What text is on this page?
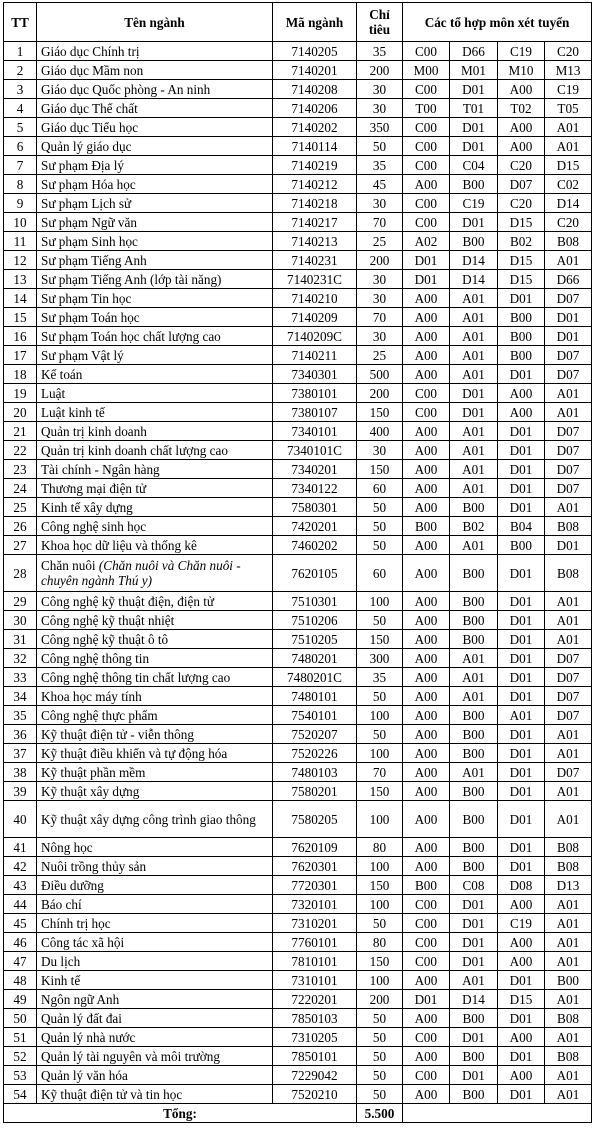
TT	Tên ngành	Mã ngành	Chỉ
tiêu	Các tổ hợp môn xét tuyển			
1	Giáo dục Chính trị	7140205	35	C00	D66	C19	C20
2	Giáo dục Mầm non	7140201	200	M00	M01	M10	M13
3	Giáo dục Quốc phòng - An ninh	7140208	30	C00	D01	A00	C19
4	Giáo dục Thể chất	7140206	30	T00	T01	T02	T05
5	Giáo dục Tiểu học	7140202	350	C00	D01	A00	A01
6	Quản lý giáo dục	7140114	50	C00	D01	A00	A01
7	Sư phạm Địa lý	7140219	35	C00	C04	C20	D15
8	Sư phạm Hóa học	7140212	45	A00	B00	D07	C02
9	Sư phạm Lịch sử	7140218	30	C00	C19	C20	D14
10	Sư phạm Ngữ văn	7140217	70	C00	D01	D15	C20
11	Sư phạm Sinh học	7140213	25	A02	B00	B02	B08
12	Sư phạm Tiếng Anh	7140231	200	D01	D14	D15	A01
13	Sư phạm Tiếng Anh (lớp tài năng)	7140231C	30	D01	D14	D15	D66
14	Sư phạm Tin học	7140210	30	A00	A01	D01	D07
15	Sư phạm Toán học	7140209	70	A00	A01	B00	D01
16	Sư phạm Toán học chất lượng cao	7140209C	30	A00	A01	B00	D01
17	Sư phạm Vật lý	7140211	25	A00	A01	B00	D07
18	Kế toán	7340301	500	A00	A01	D01	D07
19	Luật	7380101	200	C00	D01	A00	A01
20	Luật kinh tế	7380107	150	C00	D01	A00	A01
21	Quản trị kinh doanh	7340101	400	A00	A01	D01	D07
22	Quản trị kinh doanh chất lượng cao	7340101C	30	A00	A01	D01	D07
23	Tài chính - Ngân hàng	7340201	150	A00	A01	D01	D07
24	Thương mại điện tử	7340122	60	A00	A01	D01	D07
25	Kinh tế xây dựng	7580301	50	A00	B00	D01	A01
26	Công nghệ sinh học	7420201	50	B00	B02	B04	B08
27	Khoa học dữ liệu và thống kê	7460202	50	A00	A01	B00	D01
28	Chăn nuôi (Chăn nuôi và Chăn nuôi - chuyên ngành Thú y)	7620105	60	A00	B00	D01	B08
29	Công nghệ kỹ thuật điện, điện tử	7510301	100	A00	B00	D01	A01
30	Công nghệ kỹ thuật nhiệt	7510206	50	A00	B00	D01	A01
31	Công nghệ kỹ thuật ô tô	7510205	150	A00	B00	D01	A01
32	Công nghệ thông tin	7480201	300	A00	A01	D01	D07
33	Công nghệ thông tin chất lượng cao	7480201C	35	A00	A01	D01	D07
34	Khoa học máy tính	7480101	50	A00	A01	D01	D07
35	Công nghệ thực phẩm	7540101	100	A00	B00	A01	D07
36	Kỹ thuật điện tử - viễn thông	7520207	50	A00	B00	D01	A01
37	Kỹ thuật điều khiển và tự động hóa	7520226	100	A00	B00	D01	A01
38	Kỹ thuật phần mềm	7480103	70	A00	A01	D01	D07
39	Kỹ thuật xây dựng	7580201	150	A00	B00	D01	A01
40	Kỹ thuật xây dựng công trình giao thông	7580205	100	A00	B00	D01	A01
41	Nông học	7620109	80	A00	B00	D01	B08
42	Nuôi trồng thủy sản	7620301	100	A00	B00	D01	B08
43	Điều dưỡng	7720301	150	B00	C08	D08	D13
44	Báo chí	7320101	100	C00	D01	A00	A01
45	Chính trị học	7310201	50	C00	D01	C19	A01
46	Công tác xã hội	7760101	80	C00	D01	A00	A01
47	Du lịch	7810101	150	C00	D01	A00	A01
48	Kinh tế	7310101	100	A00	A01	D01	B00
49	Ngôn ngữ Anh	7220201	200	D01	D14	D15	A01
50	Quản lý đất đai	7850103	50	A00	B00	D01	B08
51	Quản lý nhà nước	7310205	50	C00	D01	A00	A01
52	Quản lý tài nguyên và môi trường	7850101	50	A00	B00	D01	B08
53	Quản lý văn hóa	7229042	50	C00	D01	A00	A01
54	Kỹ thuật điện tử và tin học	7520210	50	A00	B00	D01	A01
Tổng:			5.500				
